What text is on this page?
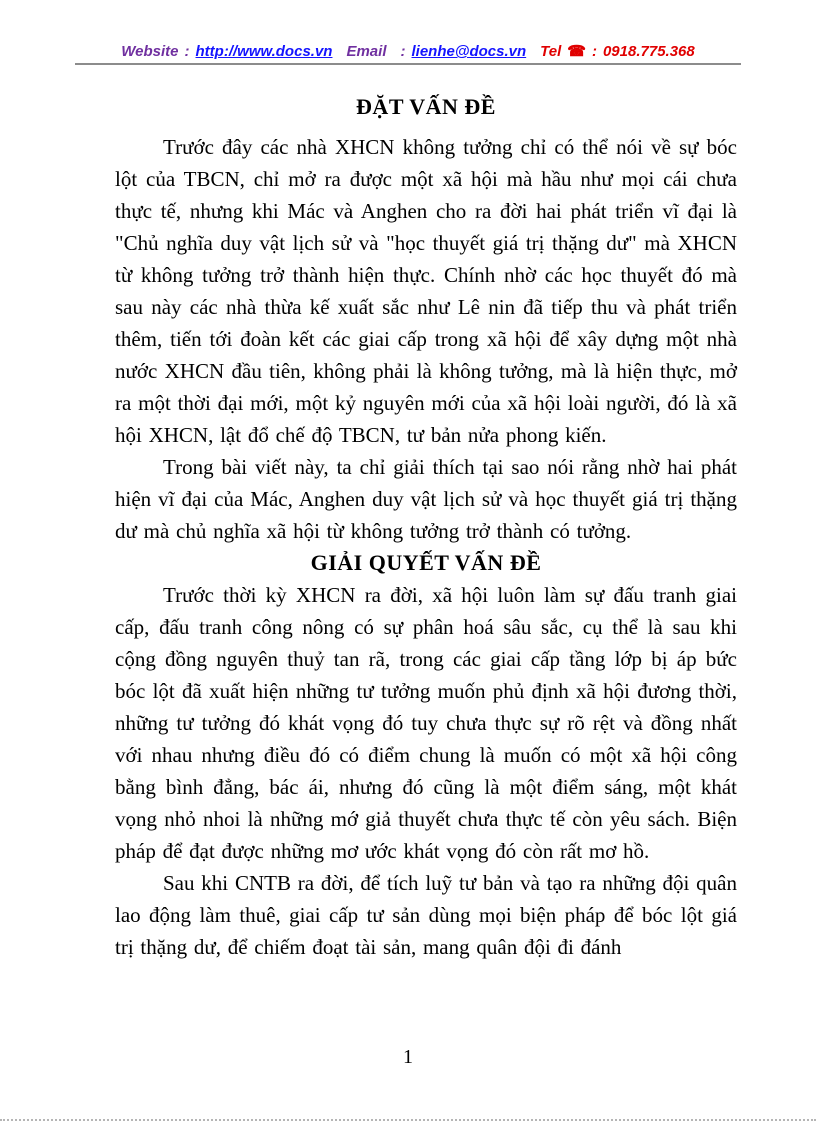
Website : http://www.docs.vn Email : lienhe@docs.vn Tel ☎ : 0918.775.368
ĐẶT VẤN ĐỀ

Trước đây các nhà XHCN không tưởng chỉ có thể nói về sự bóc lột của TBCN, chỉ mở ra được một xã hội mà hầu như mọi cái chưa thực tế, nhưng khi Mác và Anghen cho ra đời hai phát triển vĩ đại là "Chủ nghĩa duy vật lịch sử và "học thuyết giá trị thặng dư" mà XHCN từ không tưởng trở thành hiện thực. Chính nhờ các học thuyết đó mà sau này các nhà thừa kế xuất sắc như Lê nin đã tiếp thu và phát triển thêm, tiến tới đoàn kết các giai cấp trong xã hội để xây dựng một nhà nước XHCN đầu tiên, không phải là không tưởng, mà là hiện thực, mở ra một thời đại mới, một kỷ nguyên mới của xã hội loài người, đó là xã hội XHCN, lật đổ chế độ TBCN, tư bản nửa phong kiến.

Trong bài viết này, ta chỉ giải thích tại sao nói rằng nhờ hai phát hiện vĩ đại của Mác, Anghen duy vật lịch sử và học thuyết giá trị thặng dư mà chủ nghĩa xã hội từ không tưởng trở thành có tưởng.

GIẢI QUYẾT VẤN ĐỀ

Trước thời kỳ XHCN ra đời, xã hội luôn làm sự đấu tranh giai cấp, đấu tranh công nông có sự phân hoá sâu sắc, cụ thể là sau khi cộng đồng nguyên thuỷ tan rã, trong các giai cấp tầng lớp bị áp bức bóc lột đã xuất hiện những tư tưởng muốn phủ định xã hội đương thời, những tư tưởng đó khát vọng đó tuy chưa thực sự rõ rệt và đồng nhất với nhau nhưng điều đó có điểm chung là muốn có một xã hội công bằng bình đẳng, bác ái, nhưng đó cũng là một điểm sáng, một khát vọng nhỏ nhoi là những mớ giả thuyết chưa thực tế còn yêu sách. Biện pháp để đạt được những mơ ước khát vọng đó còn rất mơ hồ.

Sau khi CNTB ra đời, để tích luỹ tư bản và tạo ra những đội quân lao động làm thuê, giai cấp tư sản dùng mọi biện pháp để bóc lột giá trị thặng dư, để chiếm đoạt tài sản, mang quân đội đi đánh

1
